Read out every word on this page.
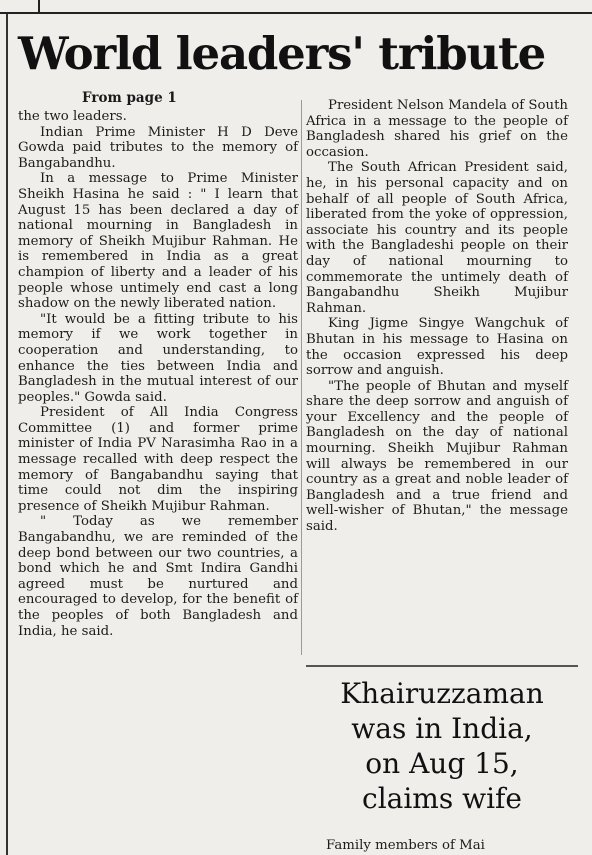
World leaders' tribute
From page 1

the two leaders.

Indian Prime Minister H D Deve Gowda paid tributes to the memory of Bangabandhu.

In a message to Prime Minister Sheikh Hasina he said : " I learn that August 15 has been declared a day of national mourning in Bangladesh in memory of Sheikh Mujibur Rahman. He is remembered in India as a great champion of liberty and a leader of his people whose untimely end cast a long shadow on the newly liberated nation.

"It would be a fitting tribute to his memory if we work together in cooperation and understanding, to enhance the ties between India and Bangladesh in the mutual interest of our peoples." Gowda said.

President of All India Congress Committee (1) and former prime minister of India PV Narasimha Rao in a message recalled with deep respect the memory of Bangabandhu saying that time could not dim the inspiring presence of Sheikh Mujibur Rahman.

" Today as we remember Bangabandhu, we are reminded of the deep bond between our two countries, a bond which he and Smt Indira Gandhi agreed must be nurtured and encouraged to develop, for the benefit of the peoples of both Bangladesh and India, he said.

President Nelson Mandela of South Africa in a message to the people of Bangladesh shared his grief on the occasion.

The South African President said, he, in his personal capacity and on behalf of all people of South Africa, liberated from the yoke of oppression, associate his country and its people with the Bangladeshi people on their day of national mourning to commemorate the untimely death of Bangabandhu Sheikh Mujibur Rahman.

King Jigme Singye Wangchuk of Bhutan in his message to Hasina on the occasion expressed his deep sorrow and anguish.

"The people of Bhutan and myself share the deep sorrow and anguish of your Excellency and the people of Bangladesh on the day of national mourning. Sheikh Mujibur Rahman will always be remembered in our country as a great and noble leader of Bangladesh and a true friend and well-wisher of Bhutan," the message said.

Khairuzzaman
was in India,
on Aug 15,
claims wife
Family members of Mai
